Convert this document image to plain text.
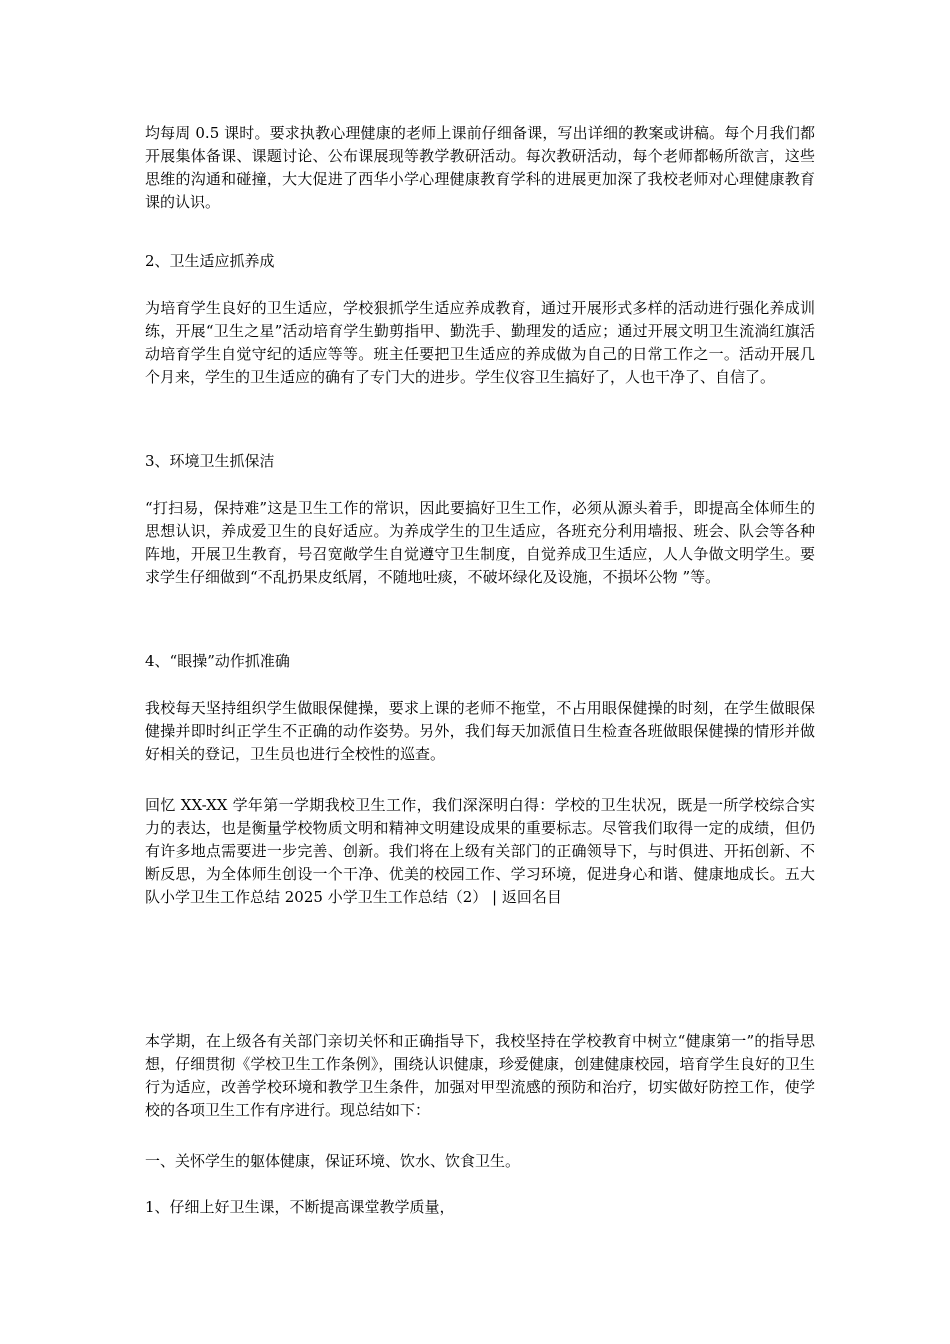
均每周 0.5 课时。要求执教心理健康的老师上课前仔细备课，写出详细的教案或讲稿。每个月我们都开展集体备课、课题讨论、公布课展现等教学教研活动。每次教研活动，每个老师都畅所欲言，这些思维的沟通和碰撞，大大促进了西华小学心理健康教育学科的进展更加深了我校老师对心理健康教育课的认识。

2、卫生适应抓养成

为培育学生良好的卫生适应，学校狠抓学生适应养成教育，通过开展形式多样的活动进行强化养成训练，开展“卫生之星”活动培育学生勤剪指甲、勤洗手、勤理发的适应；通过开展文明卫生流淌红旗活动培育学生自觉守纪的适应等等。班主任要把卫生适应的养成做为自己的日常工作之一。活动开展几个月来，学生的卫生适应的确有了专门大的进步。学生仪容卫生搞好了，人也干净了、自信了。

3、环境卫生抓保洁

“打扫易，保持难”这是卫生工作的常识，因此要搞好卫生工作，必须从源头着手，即提高全体师生的思想认识，养成爱卫生的良好适应。为养成学生的卫生适应，各班充分利用墙报、班会、队会等各种阵地，开展卫生教育，号召宽敞学生自觉遵守卫生制度，自觉养成卫生适应，人人争做文明学生。要求学生仔细做到“不乱扔果皮纸屑，不随地吐痰，不破坏绿化及设施，不损坏公物 ”等。

4、“眼操”动作抓准确

我校每天坚持组织学生做眼保健操，要求上课的老师不拖堂，不占用眼保健操的时刻，在学生做眼保健操并即时纠正学生不正确的动作姿势。另外，我们每天加派值日生检查各班做眼保健操的情形并做好相关的登记，卫生员也进行全校性的巡查。

回忆 XX-XX 学年第一学期我校卫生工作，我们深深明白得：学校的卫生状况，既是一所学校综合实力的表达，也是衡量学校物质文明和精神文明建设成果的重要标志。尽管我们取得一定的成绩，但仍有许多地点需要进一步完善、创新。我们将在上级有关部门的正确领导下，与时俱进、开拓创新、不断反思，为全体师生创设一个干净、优美的校园工作、学习环境，促进身心和谐、健康地成长。五大队小学卫生工作总结 2025 小学卫生工作总结（2） | 返回名目

本学期，在上级各有关部门亲切关怀和正确指导下，我校坚持在学校教育中树立“健康第一”的指导思想，仔细贯彻《学校卫生工作条例》，围绕认识健康，珍爱健康，创建健康校园，培育学生良好的卫生行为适应，改善学校环境和教学卫生条件，加强对甲型流感的预防和治疗，切实做好防控工作，使学校的各项卫生工作有序进行。现总结如下：

一、关怀学生的躯体健康，保证环境、饮水、饮食卫生。

1、仔细上好卫生课，不断提高课堂教学质量，
